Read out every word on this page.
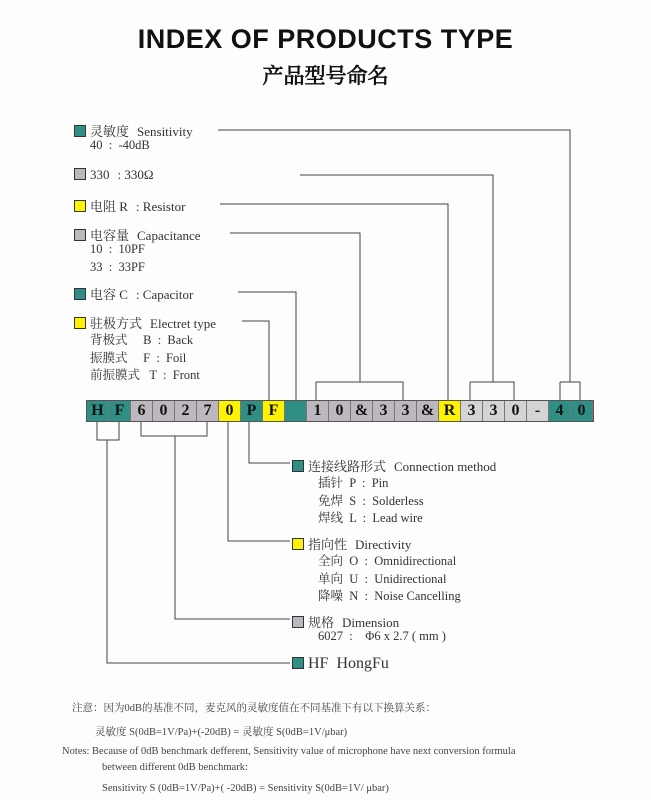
INDEX OF PRODUCTS TYPE
产品型号命名
灵敏度 Sensitivity
40  :  -40dB
330 : 330Ω
电阻 R : Resistor
电容量 Capacitance
10  :  10PF
33  :  33PF
电容 C : Capacitor
驻极方式 Electret type
背极式     B  :  Back
振膜式     F  :  Foil
前振膜式   T  :  Front
H F 6 0 2 7 0 P F	1 0 & 3 3 & R 3 3 0 - 4 0
连接线路形式 Connection method
插针  P  :  Pin
免焊  S  :  Solderless
焊线  L  :  Lead wire
指向性 Directivity
全向  O  :  Omnidirectional
单向  U  :  Unidirectional
降噪  N  :  Noise Cancelling
规格 Dimension
6027  :    Φ6 x 2.7 ( mm )
HF HongFu
注意：因为0dB的基准不同，麦克风的灵敏度值在不同基准下有以下换算关系：
灵敏度 S(0dB=1V/Pa)+(-20dB) = 灵敏度 S(0dB=1V/μbar)
Notes: Because of 0dB benchmark defferent, Sensitivity value of microphone have next conversion formula
between different 0dB benchmark:
Sensitivity S (0dB=1V/Pa)+( -20dB) = Sensitivity S(0dB=1V/ μbar)
